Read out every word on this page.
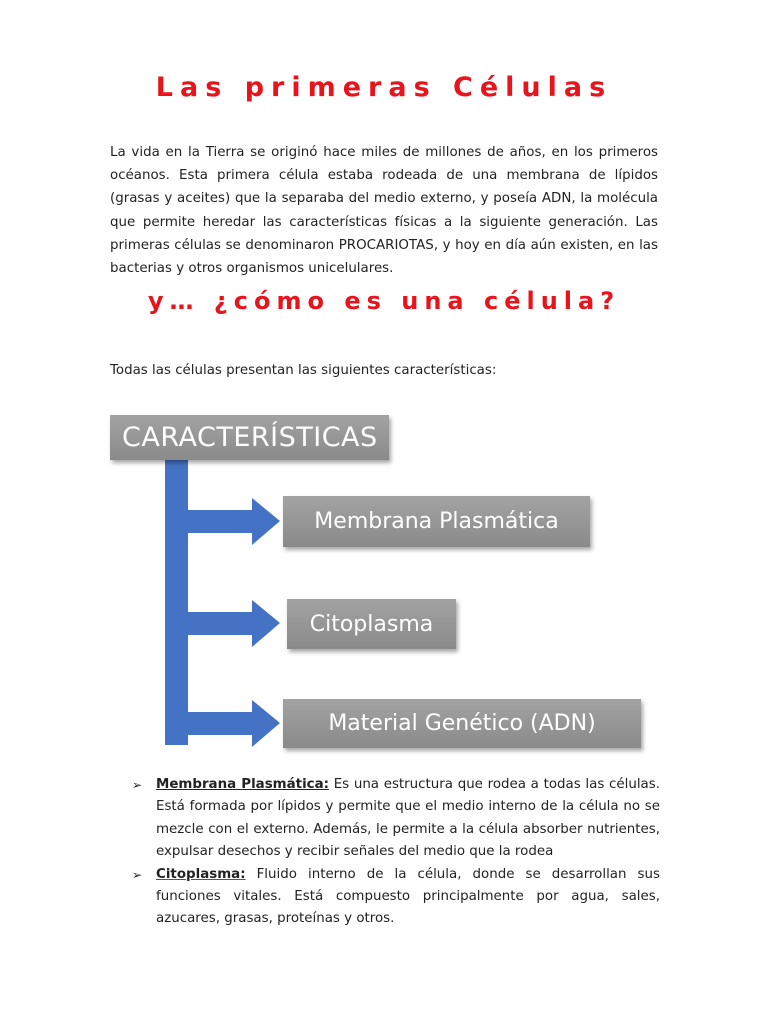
Las primeras Células

La vida en la Tierra se originó hace miles de millones de años, en los primeros océanos. Esta primera célula estaba rodeada de una membrana de lípidos (grasas y aceites) que la separaba del medio externo, y poseía ADN, la molécula que permite heredar las características físicas a la siguiente generación. Las primeras células se denominaron PROCARIOTAS, y hoy en día aún existen, en las bacterias y otros organismos unicelulares.

y… ¿cómo es una célula?

Todas las células presentan las siguientes características:

CARACTERÍSTICAS
Membrana Plasmática
Citoplasma
Material Genético (ADN)
➢ Membrana Plasmática: Es una estructura que rodea a todas las células. Está formada por lípidos y permite que el medio interno de la célula no se mezcle con el externo. Además, le permite a la célula absorber nutrientes, expulsar desechos y recibir señales del medio que la rodea
➢ Citoplasma: Fluido interno de la célula, donde se desarrollan sus funciones vitales. Está compuesto principalmente por agua, sales, azucares, grasas, proteínas y otros.
